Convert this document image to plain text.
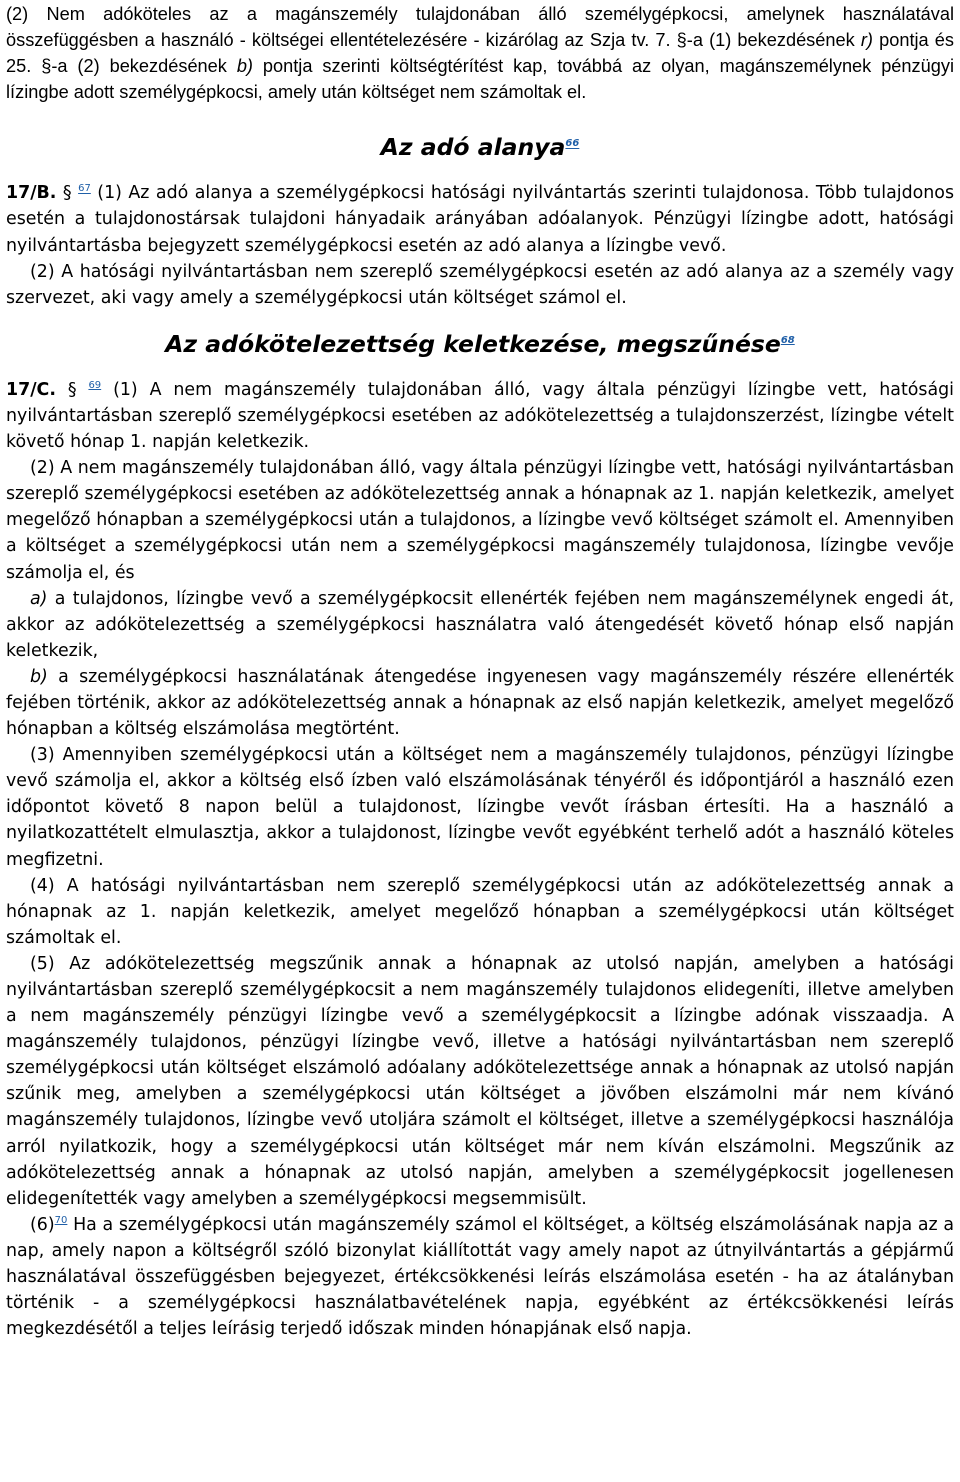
(2) Nem adóköteles az a magánszemély tulajdonában álló személygépkocsi, amelynek használatával összefüggésben a használó - költségei ellentételezésére - kizárólag az Szja tv. 7. §-a (1) bekezdésének r) pontja és 25. §-a (2) bekezdésének b) pontja szerinti költségtérítést kap, továbbá az olyan, magánszemélynek pénzügyi lízingbe adott személygépkocsi, amely után költséget nem számoltak el.

Az adó alanya$^{66}$

17/B. § $^{67}$ (1) Az adó alanya a személygépkocsi hatósági nyilvántartás szerinti tulajdonosa. Több tulajdonos esetén a tulajdonostársak tulajdoni hányadaik arányában adóalanyok. Pénzügyi lízingbe adott, hatósági nyilvántartásba bejegyzett személygépkocsi esetén az adó alanya a lízingbe vevő.

(2) A hatósági nyilvántartásban nem szereplő személygépkocsi esetén az adó alanya az a személy vagy szervezet, aki vagy amely a személygépkocsi után költséget számol el.

Az adókötelezettség keletkezése, megszűnése$^{68}$

17/C. § $^{69}$ (1) A nem magánszemély tulajdonában álló, vagy általa pénzügyi lízingbe vett, hatósági nyilvántartásban szereplő személygépkocsi esetében az adókötelezettség a tulajdonszerzést, lízingbe vételt követő hónap 1. napján keletkezik.

(2) A nem magánszemély tulajdonában álló, vagy általa pénzügyi lízingbe vett, hatósági nyilvántartásban szereplő személygépkocsi esetében az adókötelezettség annak a hónapnak az 1. napján keletkezik, amelyet megelőző hónapban a személygépkocsi után a tulajdonos, a lízingbe vevő költséget számolt el. Amennyiben a költséget a személygépkocsi után nem a személygépkocsi magánszemély tulajdonosa, lízingbe vevője számolja el, és

a) a tulajdonos, lízingbe vevő a személygépkocsit ellenérték fejében nem magánszemélynek engedi át, akkor az adókötelezettség a személygépkocsi használatra való átengedését követő hónap első napján keletkezik,

b) a személygépkocsi használatának átengedése ingyenesen vagy magánszemély részére ellenérték fejében történik, akkor az adókötelezettség annak a hónapnak az első napján keletkezik, amelyet megelőző hónapban a költség elszámolása megtörtént.

(3) Amennyiben személygépkocsi után a költséget nem a magánszemély tulajdonos, pénzügyi lízingbe vevő számolja el, akkor a költség első ízben való elszámolásának tényéről és időpontjáról a használó ezen időpontot követő 8 napon belül a tulajdonost, lízingbe vevőt írásban értesíti. Ha a használó a nyilatkozattételt elmulasztja, akkor a tulajdonost, lízingbe vevőt egyébként terhelő adót a használó köteles megfizetni.

(4) A hatósági nyilvántartásban nem szereplő személygépkocsi után az adókötelezettség annak a hónapnak az 1. napján keletkezik, amelyet megelőző hónapban a személygépkocsi után költséget számoltak el.

(5) Az adókötelezettség megszűnik annak a hónapnak az utolsó napján, amelyben a hatósági nyilvántartásban szereplő személygépkocsit a nem magánszemély tulajdonos elidegeníti, illetve amelyben a nem magánszemély pénzügyi lízingbe vevő a személygépkocsit a lízingbe adónak visszaadja. A magánszemély tulajdonos, pénzügyi lízingbe vevő, illetve a hatósági nyilvántartásban nem szereplő személygépkocsi után költséget elszámoló adóalany adókötelezettsége annak a hónapnak az utolsó napján szűnik meg, amelyben a személygépkocsi után költséget a jövőben elszámolni már nem kívánó magánszemély tulajdonos, lízingbe vevő utoljára számolt el költséget, illetve a személygépkocsi használója arról nyilatkozik, hogy a személygépkocsi után költséget már nem kíván elszámolni. Megszűnik az adókötelezettség annak a hónapnak az utolsó napján, amelyben a személygépkocsit jogellenesen elidegenítették vagy amelyben a személygépkocsi megsemmisült.

(6)$^{70}$ Ha a személygépkocsi után magánszemély számol el költséget, a költség elszámolásának napja az a nap, amely napon a költségről szóló bizonylat kiállítottát vagy amely napot az útnyilvántartás a gépjármű használatával összefüggésben bejegyezet, értékcsökkenési leírás elszámolása esetén - ha az átalányban történik - a személygépkocsi használatbavételének napja, egyébként az értékcsökkenési leírás megkezdésétől a teljes leírásig terjedő időszak minden hónapjának első napja.
